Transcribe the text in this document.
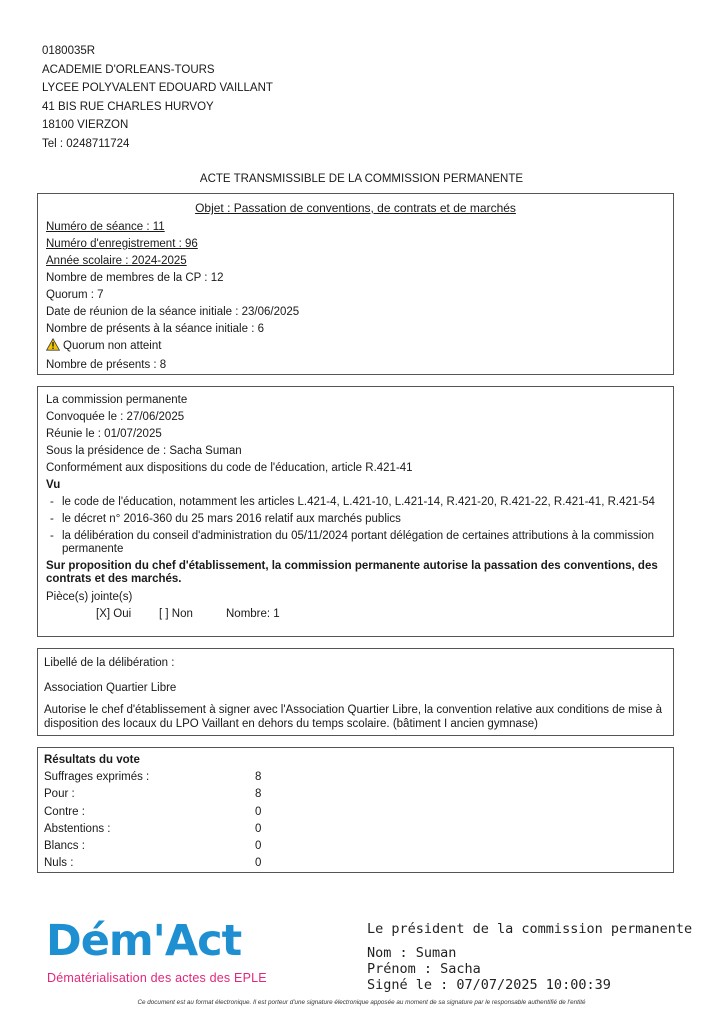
0180035R
ACADEMIE D'ORLEANS-TOURS
LYCEE POLYVALENT EDOUARD VAILLANT
41 BIS RUE CHARLES HURVOY
18100 VIERZON
Tel : 0248711724
ACTE TRANSMISSIBLE DE LA COMMISSION PERMANENTE
Objet : Passation de conventions, de contrats et de marchés
Numéro de séance : 11
Numéro d'enregistrement : 96
Année scolaire : 2024-2025
Nombre de membres de la CP : 12
Quorum : 7
Date de réunion de la séance initiale : 23/06/2025
Nombre de présents à la séance initiale : 6
Quorum non atteint
Nombre de présents : 8
La commission permanente
Convoquée le : 27/06/2025
Réunie le : 01/07/2025
Sous la présidence de : Sacha Suman
Conformément aux dispositions du code de l'éducation, article R.421-41
Vu
- le code de l'éducation, notamment les articles L.421-4, L.421-10, L.421-14, R.421-20, R.421-22, R.421-41, R.421-54
- le décret n° 2016-360 du 25 mars 2016 relatif aux marchés publics
- la délibération du conseil d'administration du 05/11/2024 portant délégation de certaines attributions à la commission permanente
Sur proposition du chef d'établissement, la commission permanente autorise la passation des conventions, des contrats et des marchés.
Pièce(s) jointe(s)
[X] Oui [ ] Non	Nombre: 1
Libellé de la délibération :
Association Quartier Libre
Autorise le chef d'établissement à signer avec l'Association Quartier Libre, la convention relative aux conditions de mise à disposition des locaux du LPO Vaillant en dehors du temps scolaire. (bâtiment I ancien gymnase)
Résultats du vote
Suffrages exprimés :	8
Pour :	8
Contre :	0
Abstentions :	0
Blancs :	0
Nuls :	0
Dém'Act
Dématérialisation des actes des EPLE
Le président de la commission permanente
Nom : Suman
Prénom : Sacha
Signé le : 07/07/2025 10:00:39
Ce document est au format électronique. Il est porteur d'une signature électronique apposée au moment de sa signature par le responsable authentifié de l'entité
